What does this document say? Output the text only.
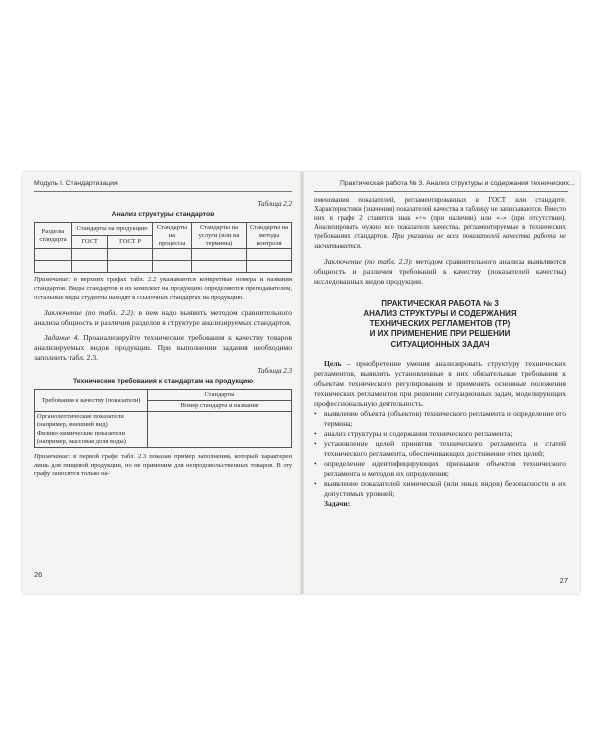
Модуль I. Стандартизация

Таблица 2.2

Анализ структуры стандартов

Разделы стандарта	Стандарты на продукцию		Стандарты на процессы	Стандарты на услуги (или на термины)	Стандарты на методы контроля
	ГОСТ	ГОСТ Р			

Примечание: в верхних графах табл. 2.2 указываются конкретные номера и названия стандартов. Виды стандартов и их комплект на продукцию определяются преподавателем, остальные виды студенты находят в ссылочных стандартах на продукцию.

Заключение (по табл. 2.2): в нем надо выявить методом сравнительного анализа общность и различия разделов в структуре анализируемых стандартов.

Задание 4. Проанализируйте технические требования к качеству товаров анализируемых видов продукции. При выполнении задания необходимо заполнить табл. 2.3.

Таблица 2.3

Технические требования к стандартам на продукцию

Требования к качеству (показатели)	Стандарты
	Номер стандарта и название
Органолептические показатели (например, внешний вид)	
Физико-химические показатели (например, массовая доля воды)	

Примечание: в первой графе табл. 2.3 показан пример заполнения, который характерен лишь для пищевой продукции, но не применим для непродовольственных товаров. В эту графу заносятся только на-

26
Практическая работа № 3. Анализ структуры и содержания технических...

именования показателей, регламентированных в ГОСТ или стандарте. Характеристики (значения) показателей качества в таблицу не записываются. Вместо них в графе 2 ставится знак «+» (при наличии) или «–» (при отсутствии). Анализировать нужно все показатели качества, регламентируемые в технических требованиях стандартов. При указании не всех показателей качества работа не засчитывается.

Заключение (по табл. 2.3): методом сравнительного анализа выявляются общность и различия требований к качеству (показателей качества) исследованных видов продукции.

ПРАКТИЧЕСКАЯ РАБОТА № 3

АНАЛИЗ СТРУКТУРЫ И СОДЕРЖАНИЯ

ТЕХНИЧЕСКИХ РЕГЛАМЕНТОВ (ТР)

И ИХ ПРИМЕНЕНИЕ ПРИ РЕШЕНИИ

СИТУАЦИОННЫХ ЗАДАЧ

Цель – приобретение умения анализировать структуру технических регламентов, выявлять установленные в них обязательные требования к объектам технического регулирования и применять основные положения технических регламентов при решении ситуационных задач, моделирующих профессиональную деятельность.

• выявление объекта (объектов) технического регламента и определение его термина;
• анализ структуры и содержания технического регламента;
• установление целей принятия технического регламента и статей технического регламента, обеспечивающих достижение этих целей;
• определение идентифицирующих признаков объектов технического регламента и методов их определения;
• выявление показателей химической (или иных видов) безопасности и их допустимых уровней;

Задачи:

27
